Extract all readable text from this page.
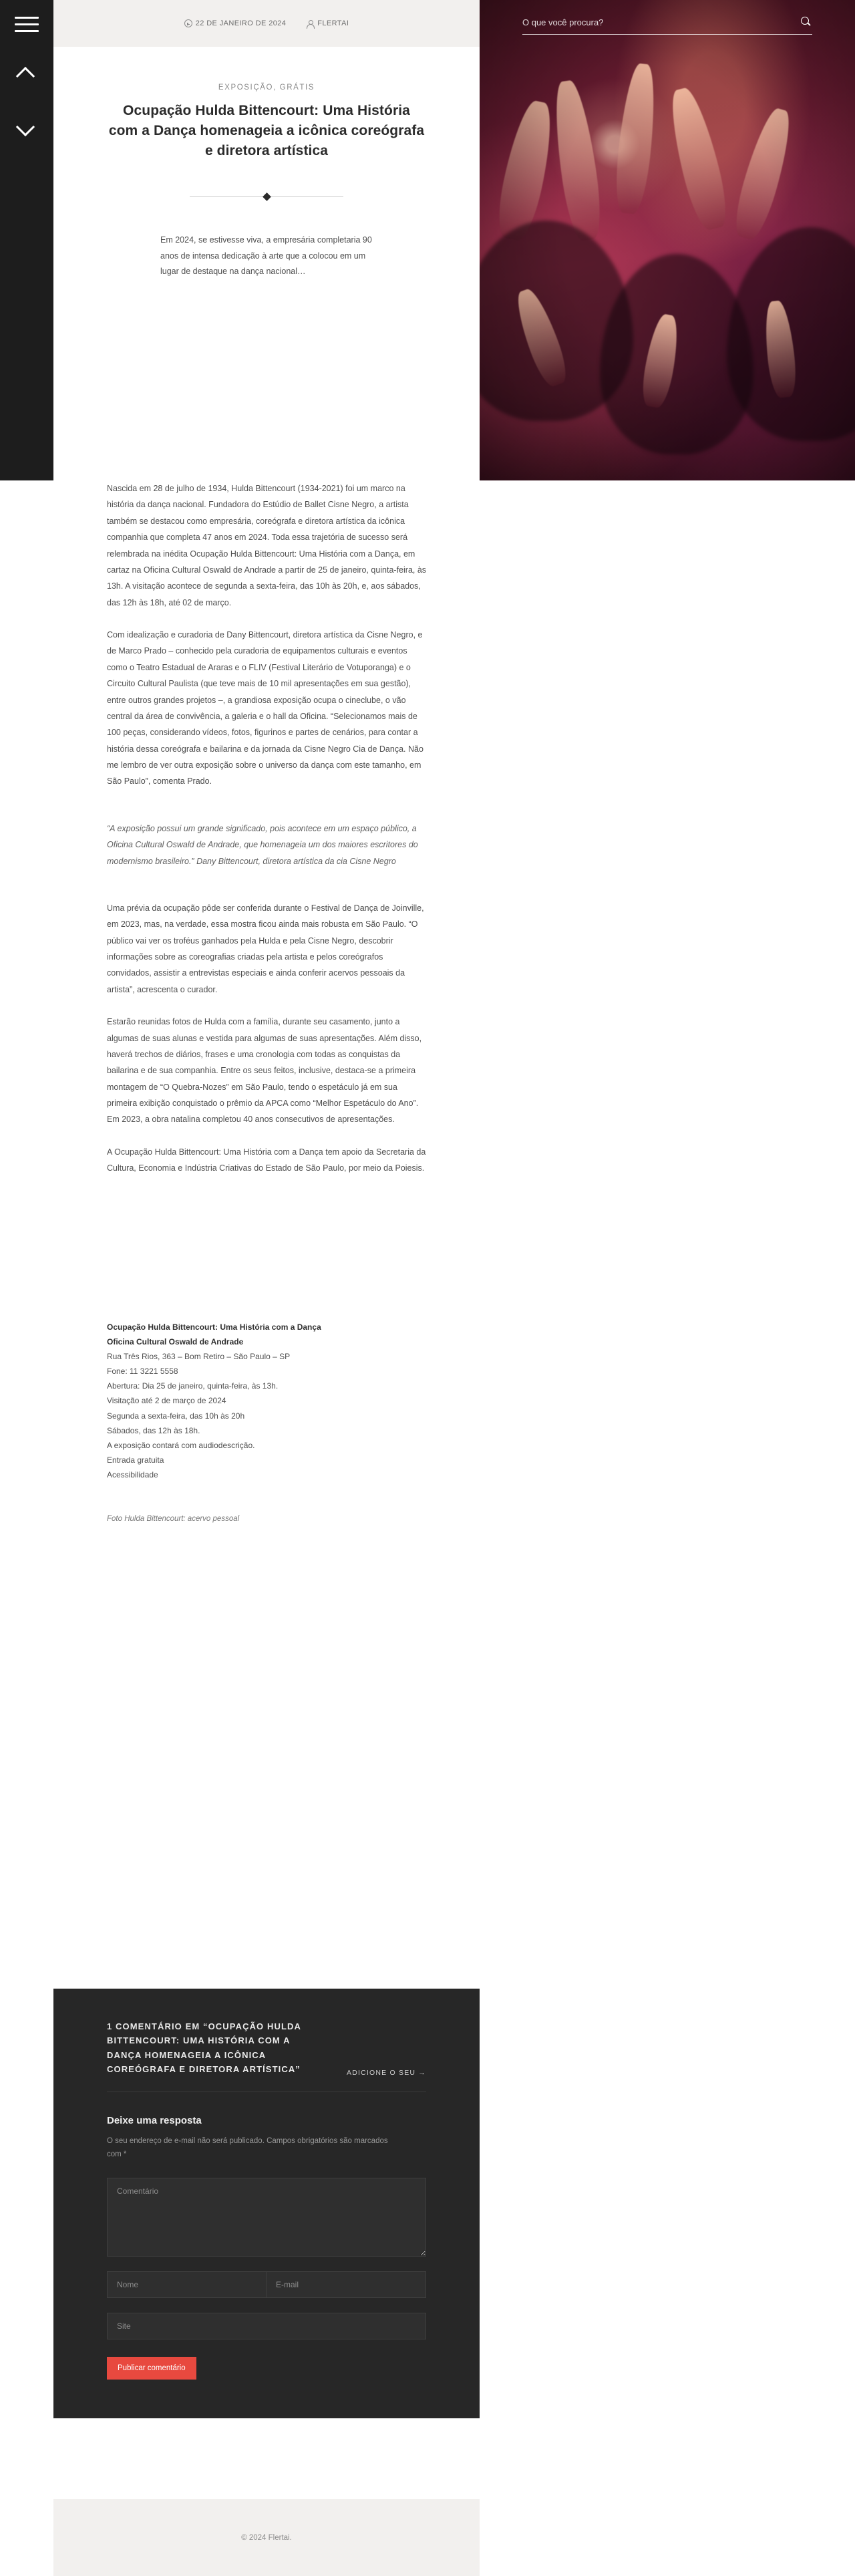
O que você procura?
22 DE JANEIRO DE 2024	FLERTAI
EXPOSIÇÃO, GRÁTIS
Ocupação Hulda Bittencourt: Uma História com a Dança homenageia a icônica coreógrafa e diretora artística
Em 2024, se estivesse viva, a empresária completaria 90 anos de intensa dedicação à arte que a colocou em um lugar de destaque na dança nacional…

Nascida em 28 de julho de 1934, Hulda Bittencourt (1934-2021) foi um marco na história da dança nacional. Fundadora do Estúdio de Ballet Cisne Negro, a artista também se destacou como empresária, coreógrafa e diretora artística da icônica companhia que completa 47 anos em 2024. Toda essa trajetória de sucesso será relembrada na inédita Ocupação Hulda Bittencourt: Uma História com a Dança, em cartaz na Oficina Cultural Oswald de Andrade a partir de 25 de janeiro, quinta-feira, às 13h. A visitação acontece de segunda a sexta-feira, das 10h às 20h, e, aos sábados, das 12h às 18h, até 02 de março.

Com idealização e curadoria de Dany Bittencourt, diretora artística da Cisne Negro, e de Marco Prado – conhecido pela curadoria de equipamentos culturais e eventos como o Teatro Estadual de Araras e o FLIV (Festival Literário de Votuporanga) e o Circuito Cultural Paulista (que teve mais de 10 mil apresentações em sua gestão), entre outros grandes projetos –, a grandiosa exposição ocupa o cineclube, o vão central da área de convivência, a galeria e o hall da Oficina. “Selecionamos mais de 100 peças, considerando vídeos, fotos, figurinos e partes de cenários, para contar a história dessa coreógrafa e bailarina e da jornada da Cisne Negro Cia de Dança. Não me lembro de ver outra exposição sobre o universo da dança com este tamanho, em São Paulo”, comenta Prado.

“A exposição possui um grande significado, pois acontece em um espaço público, a Oficina Cultural Oswald de Andrade, que homenageia um dos maiores escritores do modernismo brasileiro.” Dany Bittencourt, diretora artística da cia Cisne Negro

Uma prévia da ocupação pôde ser conferida durante o Festival de Dança de Joinville, em 2023, mas, na verdade, essa mostra ficou ainda mais robusta em São Paulo. “O público vai ver os troféus ganhados pela Hulda e pela Cisne Negro, descobrir informações sobre as coreografias criadas pela artista e pelos coreógrafos convidados, assistir a entrevistas especiais e ainda conferir acervos pessoais da artista”, acrescenta o curador.

Estarão reunidas fotos de Hulda com a família, durante seu casamento, junto a algumas de suas alunas e vestida para algumas de suas apresentações. Além disso, haverá trechos de diários, frases e uma cronologia com todas as conquistas da bailarina e de sua companhia. Entre os seus feitos, inclusive, destaca-se a primeira montagem de “O Quebra-Nozes” em São Paulo, tendo o espetáculo já em sua primeira exibição conquistado o prêmio da APCA como “Melhor Espetáculo do Ano”. Em 2023, a obra natalina completou 40 anos consecutivos de apresentações.

A Ocupação Hulda Bittencourt: Uma História com a Dança tem apoio da Secretaria da Cultura, Economia e Indústria Criativas do Estado de São Paulo, por meio da Poiesis.

Ocupação Hulda Bittencourt: Uma História com a Dança
Oficina Cultural Oswald de Andrade
Rua Três Rios, 363 – Bom Retiro – São Paulo – SP
Fone: 11 3221 5558
Abertura: Dia 25 de janeiro, quinta-feira, às 13h.
Visitação até 2 de março de 2024
Segunda a sexta-feira, das 10h às 20h
Sábados, das 12h às 18h.
A exposição contará com audiodescrição.
Entrada gratuita
Acessibilidade
Foto Hulda Bittencourt: acervo pessoal
1 COMENTÁRIO EM “OCUPAÇÃO HULDA BITTENCOURT: UMA HISTÓRIA COM A DANÇA HOMENAGEIA A ICÔNICA COREÓGRAFA E DIRETORA ARTÍSTICA”	ADICIONE O SEU →
Deixe uma resposta

O seu endereço de e-mail não será publicado. Campos obrigatórios são marcados com *

Comentário
Nome
E-mail
Site Publicar comentário
© 2024 Flertai.
